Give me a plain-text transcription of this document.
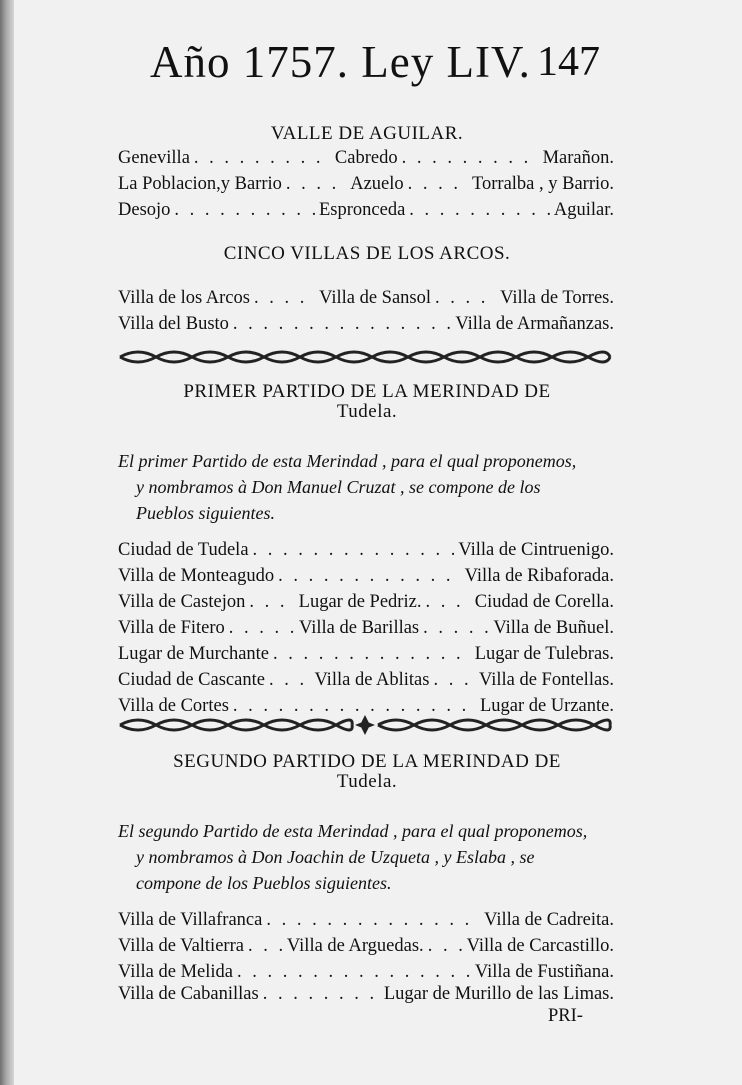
Año 1757. Ley LIV. 147
VALLE DE AGUILAR.
Genevilla . . .	Cabredo . . .	Marañon.
La Poblacion,y Barrio . . .	Azuelo . . .	Torralba , y Barrio.
Desojo . . .	Espronceda . . .	Aguilar.
CINCO VILLAS DE LOS ARCOS.
Villa de los Arcos . . .	Villa de Sansol . . .	Villa de Torres.
Villa del Busto . . .	Villa de Armañanzas.
PRIMER PARTIDO DE LA MERINDAD DE
Tudela.
El primer Partido de esta Merindad , para el qual proponemos,
y nombramos à Don Manuel Cruzat , se compone de los
Pueblos siguientes.
Ciudad de Tudela . . .	Villa de Cintruenigo.
Villa de Monteagudo . . .	Villa de Ribaforada.
Villa de Castejon . . .	Lugar de Pedriz. . . .	Ciudad de Corella.
Villa de Fitero . . .	Villa de Barillas . . .	Villa de Buñuel.
Lugar de Murchante . . .	Lugar de Tulebras.
Ciudad de Cascante . . .	Villa de Ablitas . . .	Villa de Fontellas.
Villa de Cortes . . .	Lugar de Urzante.
SEGUNDO PARTIDO DE LA MERINDAD DE
Tudela.
El segundo Partido de esta Merindad , para el qual proponemos,
y nombramos à Don Joachin de Uzqueta , y Eslaba , se
compone de los Pueblos siguientes.
Villa de Villafranca . . .	Villa de Cadreita.
Villa de Valtierra . . . Villa de Arguedas. . . . Villa de Carcastillo.
Villa de Melida . . .	Villa de Fustiñana.
Villa de Cabanillas . . .	Lugar de Murillo de las Limas.
PRI-
